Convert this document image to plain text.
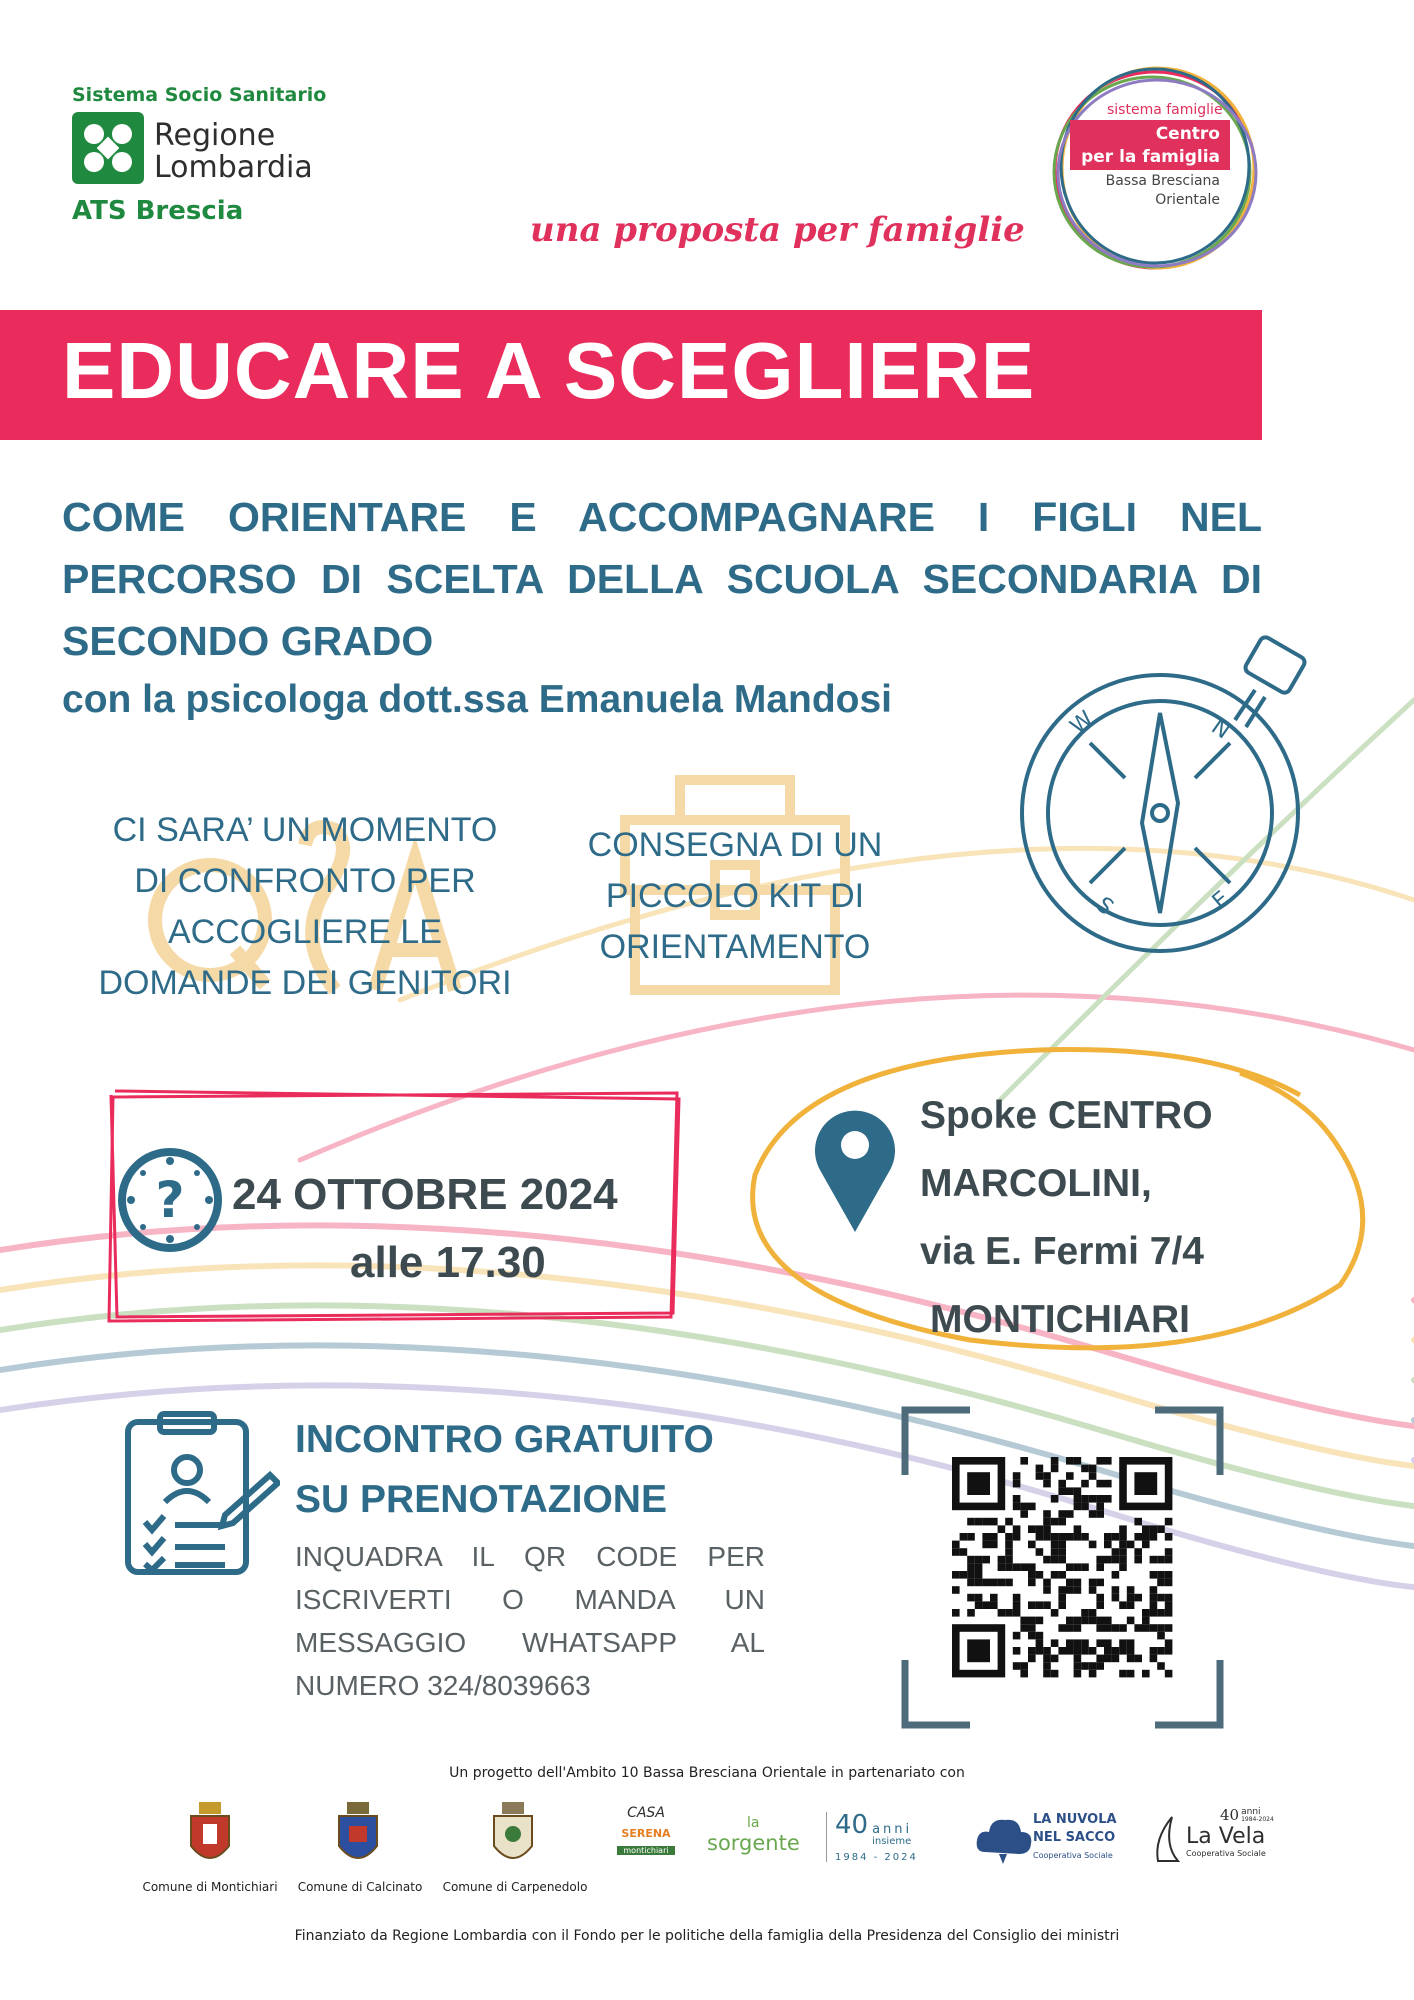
Sistema Socio Sanitario
Regione
Lombardia
ATS Brescia	una proposta per famiglie
sistema famiglie
Centro
per la famiglia
Bassa Bresciana
Orientale
EDUCARE A SCEGLIERE
COME ORIENTARE E ACCOMPAGNARE I FIGLI NEL
PERCORSO DI SCELTA DELLA SCUOLA SECONDARIA DI
SECONDO GRADO
con la psicologa dott.ssa Emanuela Mandosi
W	N
S	E
CI SARA’ UN MOMENTO
DI CONFRONTO PER
ACCOGLIERE LE
DOMANDE DEI GENITORI
CONSEGNA DI UN
PICCOLO KIT DI
ORIENTAMENTO
? 24 OTTOBRE 2024
alle 17.30
Spoke CENTRO
MARCOLINI,
via E. Fermi 7/4
MONTICHIARI
INCONTRO GRATUITO
SU PRENOTAZIONE
INQUADRA IL QR CODE PER ISCRIVERTI O MANDA UN MESSAGGIO WHATSAPP AL NUMERO 324/8039663
Un progetto dell'Ambito 10 Bassa Bresciana Orientale in partenariato con
Comune di Montichiari	Comune di Calcinato	Comune di Carpenedolo
CASA
SERENA
montichiari
la
sorgente
40 anni
insieme
1984 - 2024
LA NUVOLA
NEL SACCO
Cooperativa Sociale
40 anni
1984-2024
La Vela
Cooperativa Sociale
Finanziato da Regione Lombardia con il Fondo per le politiche della famiglia della Presidenza del Consiglio dei ministri
